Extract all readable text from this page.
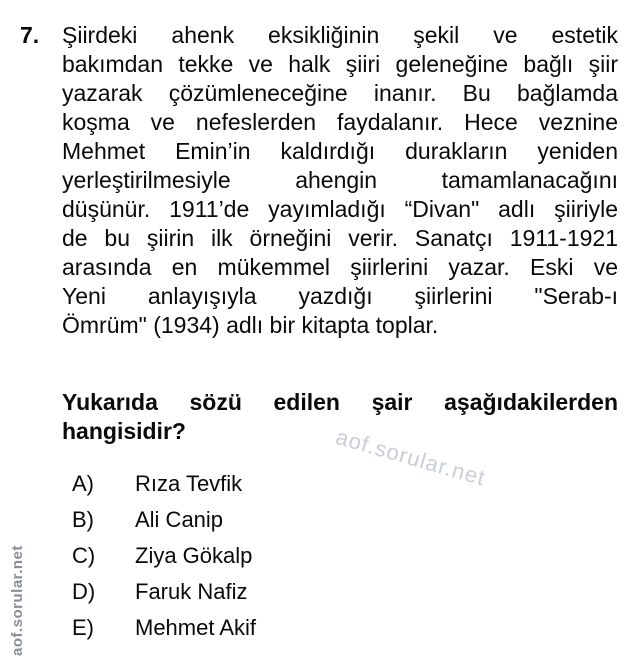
7. Şiirdeki ahenk eksikliğinin şekil ve estetik
bakımdan tekke ve halk şiiri geleneğine bağlı şiir
yazarak çözümleneceğine inanır. Bu bağlamda
koşma ve nefeslerden faydalanır. Hece veznine
Mehmet Emin’in kaldırdığı durakların yeniden
yerleştirilmesiyle ahengin tamamlanacağını
düşünür. 1911’de yayımladığı “Divan" adlı şiiriyle
de bu şiirin ilk örneğini verir. Sanatçı 1911-1921
arasında en mükemmel şiirlerini yazar. Eski ve
Yeni anlayışıyla yazdığı şiirlerini "Serab-ı
Ömrüm" (1934) adlı bir kitapta toplar.
Yukarıda sözü edilen şair aşağıdakilerden
hangisidir?
A)	Rıza Tevfik
B)	Ali Canip
C)	Ziya Gökalp
D)	Faruk Nafiz
E)	Mehmet Akif
aof.sorular.net
aof.sorular.net
